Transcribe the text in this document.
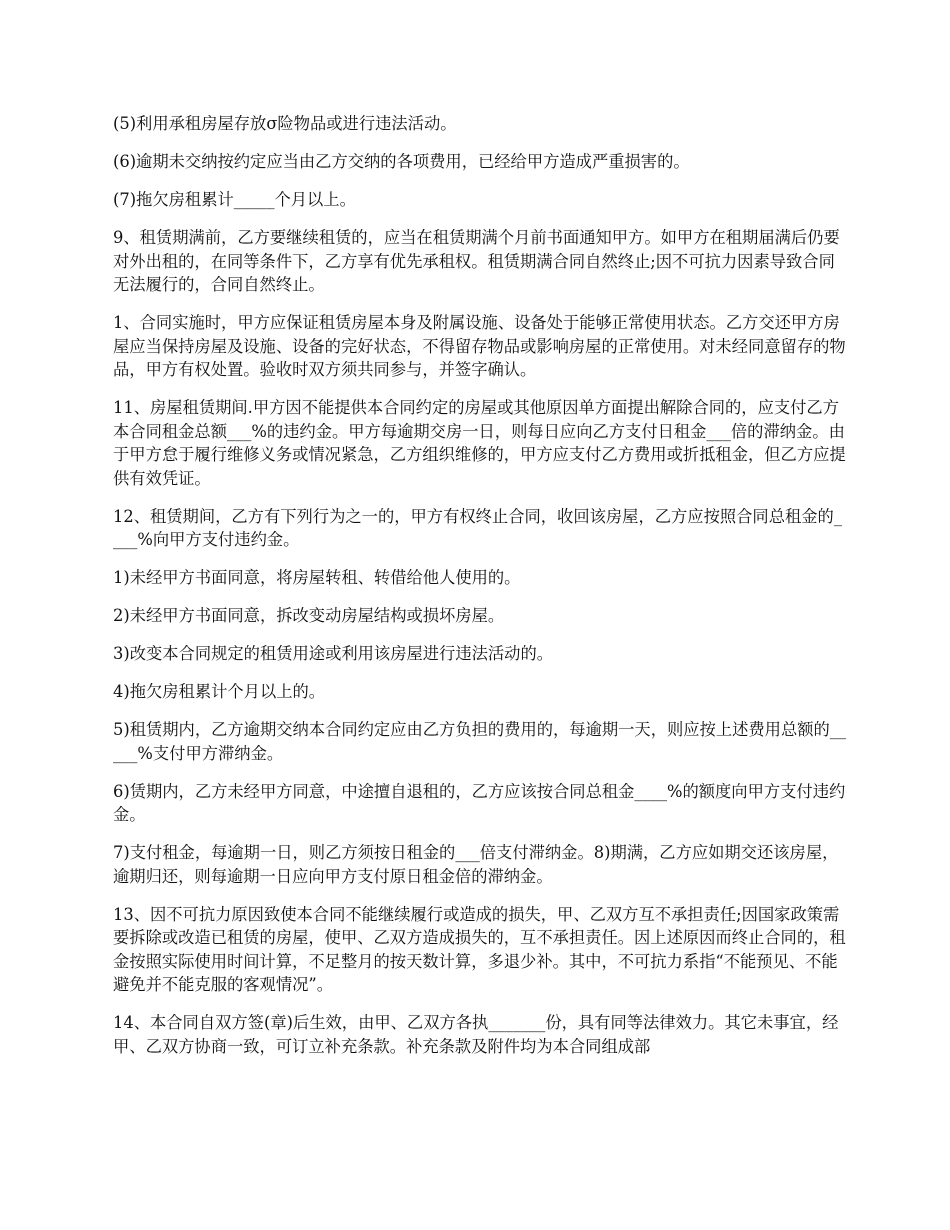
(5)利用承租房屋存放σ险物品或进行违法活动。

(6)逾期未交纳按约定应当由乙方交纳的各项费用，已经给甲方造成严重损害的。

(7)拖欠房租累计_____个月以上。

9、租赁期满前，乙方要继续租赁的，应当在租赁期满个月前书面通知甲方。如甲方在租期届满后仍要对外出租的，在同等条件下，乙方享有优先承租权。租赁期满合同自然终止;因不可抗力因素导致合同无法履行的，合同自然终止。

1、合同实施时，甲方应保证租赁房屋本身及附属设施、设备处于能够正常使用状态。乙方交还甲方房屋应当保持房屋及设施、设备的完好状态，不得留存物品或影响房屋的正常使用。对未经同意留存的物品，甲方有权处置。验收时双方须共同参与，并签字确认。

11、房屋租赁期间.甲方因不能提供本合同约定的房屋或其他原因单方面提出解除合同的，应支付乙方本合同租金总额___%的违约金。甲方每逾期交房一日，则每日应向乙方支付日租金___倍的滞纳金。由于甲方怠于履行维修义务或情况紧急，乙方组织维修的，甲方应支付乙方费用或折抵租金，但乙方应提供有效凭证。

12、租赁期间，乙方有下列行为之一的，甲方有权终止合同，收回该房屋，乙方应按照合同总租金的____%向甲方支付违约金。

1)未经甲方书面同意，将房屋转租、转借给他人使用的。

2)未经甲方书面同意，拆改变动房屋结构或损坏房屋。

3)改变本合同规定的租赁用途或利用该房屋进行违法活动的。

4)拖欠房租累计个月以上的。

5)租赁期内，乙方逾期交纳本合同约定应由乙方负担的费用的，每逾期一天，则应按上述费用总额的_____%支付甲方滞纳金。

6)赁期内，乙方未经甲方同意，中途擅自退租的，乙方应该按合同总租金____%的额度向甲方支付违约金。

7)支付租金，每逾期一日，则乙方须按日租金的___倍支付滞纳金。8)期满，乙方应如期交还该房屋，逾期归还，则每逾期一日应向甲方支付原日租金倍的滞纳金。

13、因不可抗力原因致使本合同不能继续履行或造成的损失，甲、乙双方互不承担责任;因国家政策需要拆除或改造已租赁的房屋，使甲、乙双方造成损失的，互不承担责任。因上述原因而终止合同的，租金按照实际使用时间计算，不足整月的按天数计算，多退少补。其中，不可抗力系指“不能预见、不能避免并不能克服的客观情况”。

14、本合同自双方签(章)后生效，由甲、乙双方各执_______份，具有同等法律效力。其它未事宜，经甲、乙双方协商一致，可订立补充条款。补充条款及附件均为本合同组成部
